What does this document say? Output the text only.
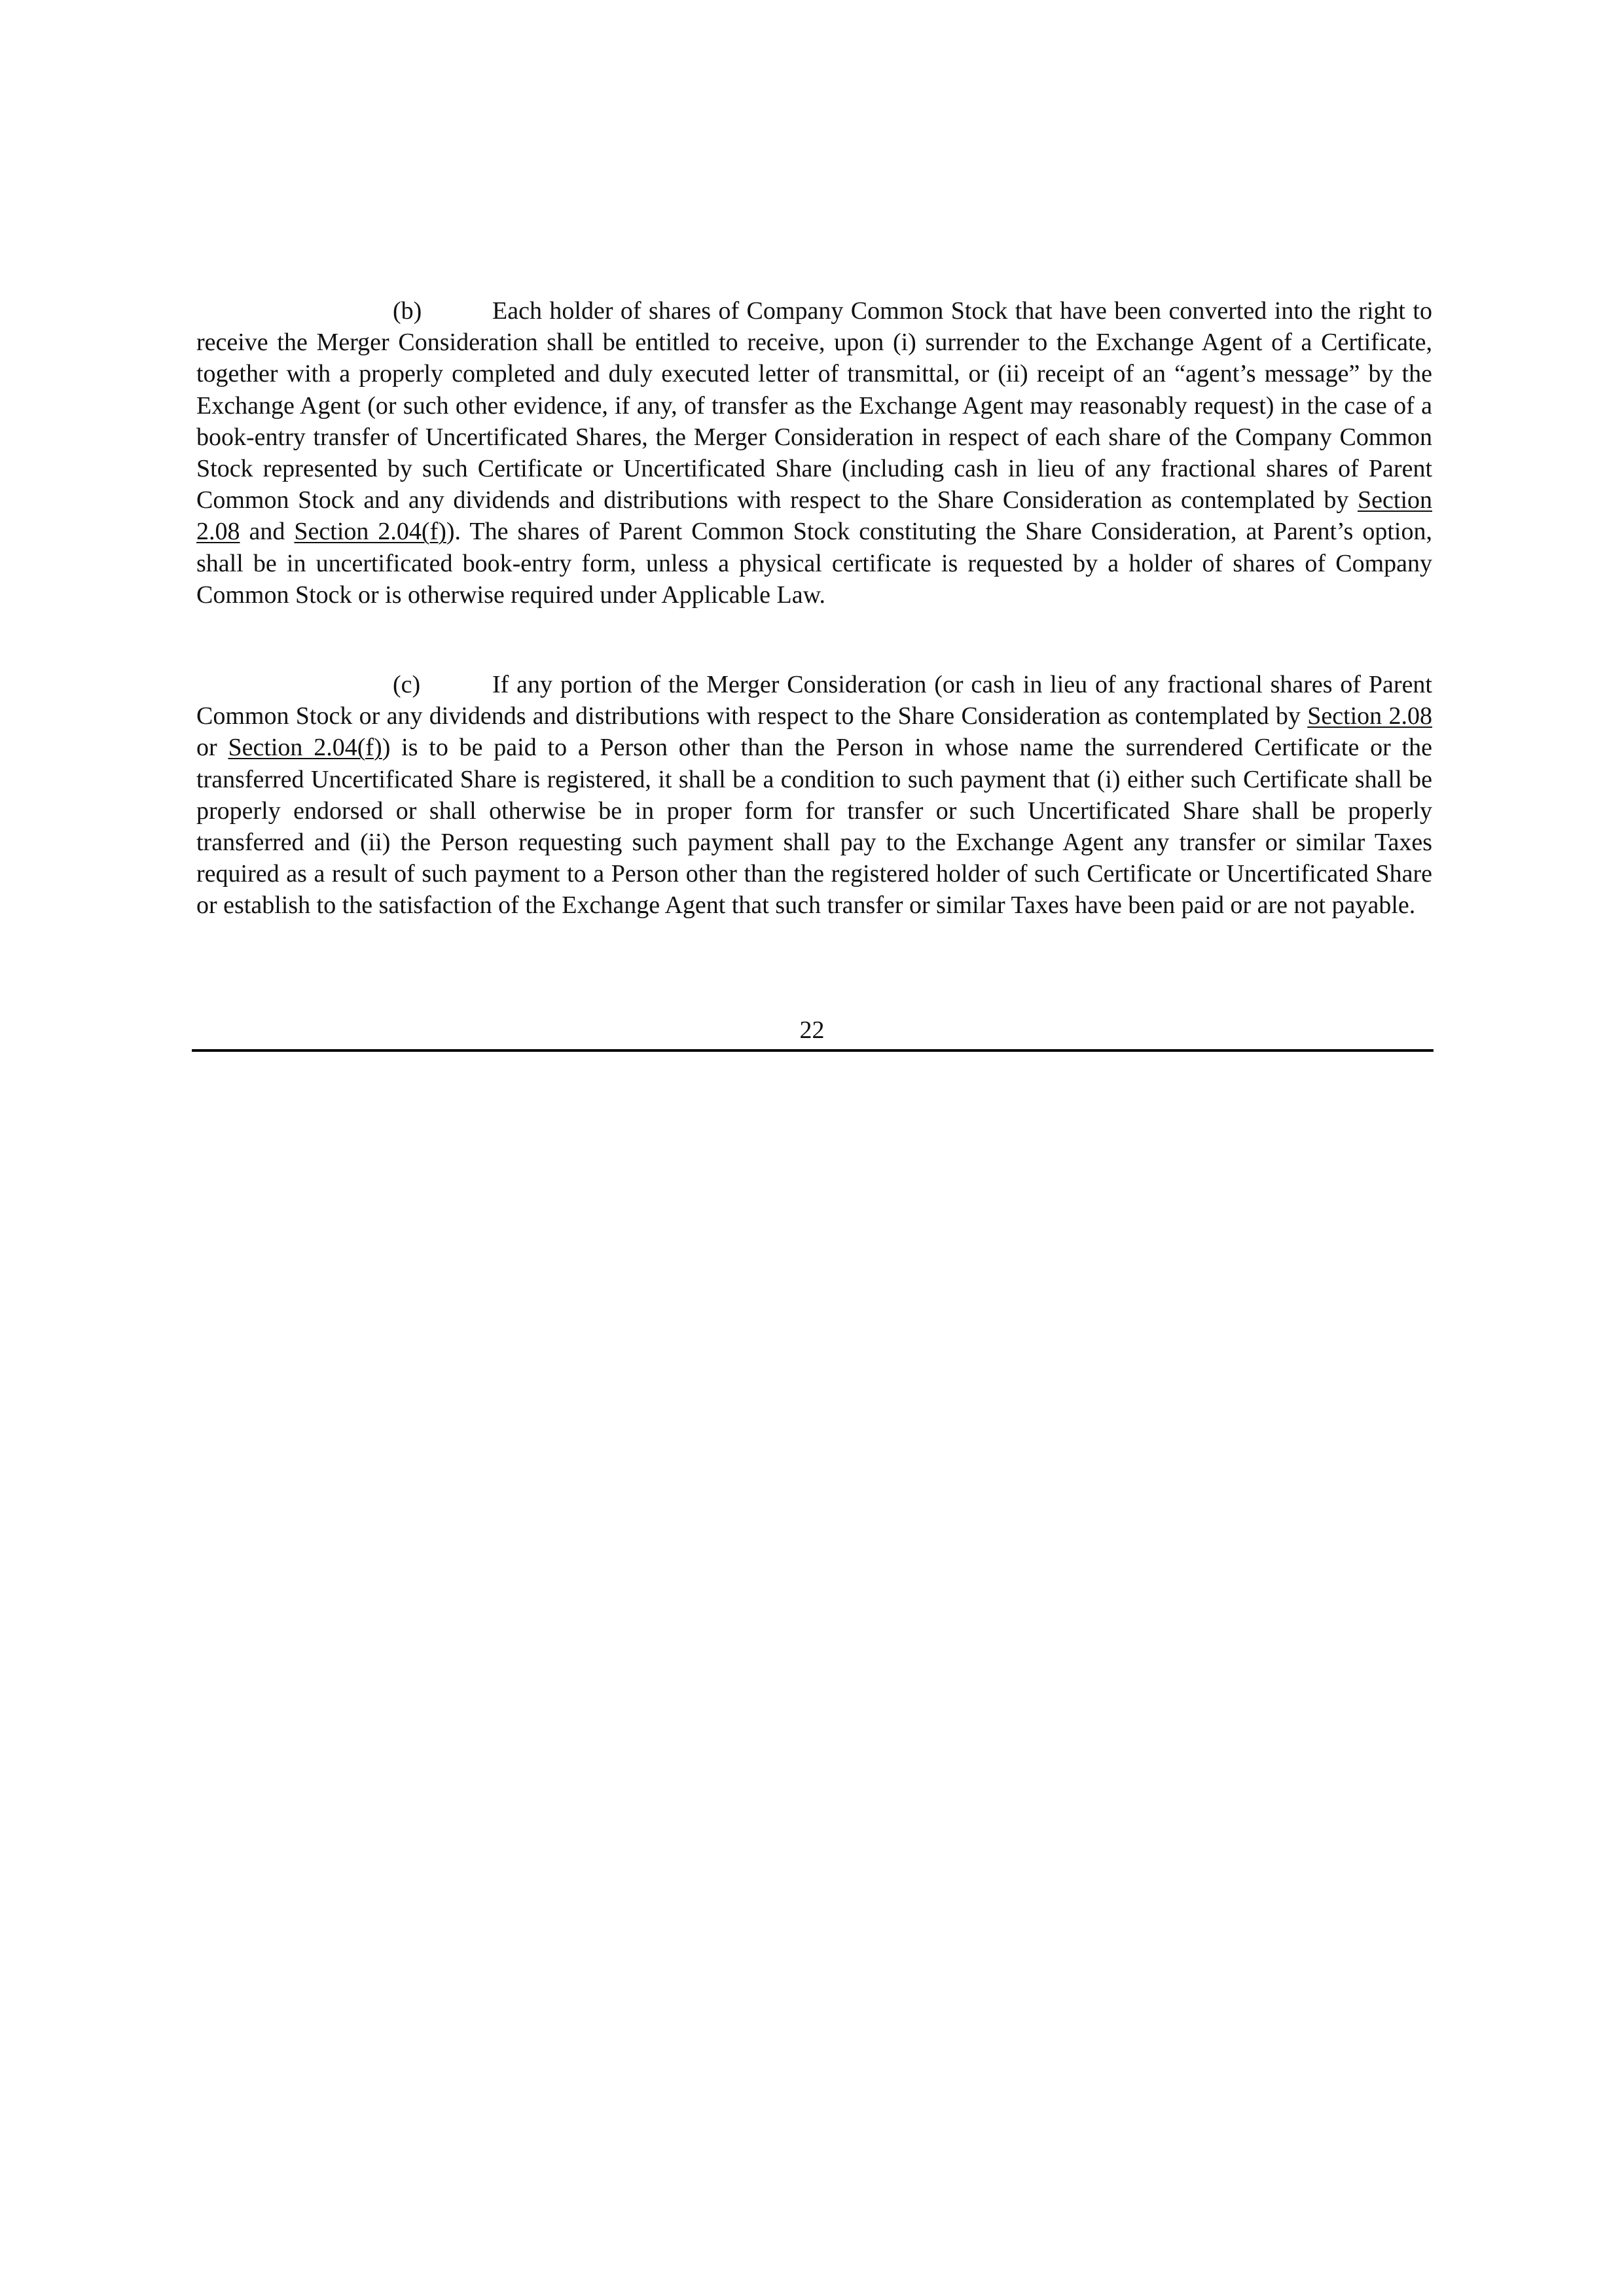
(b)	Each holder of shares of Company Common Stock that have been converted into the right to receive the Merger Consideration shall be entitled to receive, upon (i) surrender to the Exchange Agent of a Certificate, together with a properly completed and duly executed letter of transmittal, or (ii) receipt of an “agent’s message” by the Exchange Agent (or such other evidence, if any, of transfer as the Exchange Agent may reasonably request) in the case of a book-entry transfer of Uncertificated Shares, the Merger Consideration in respect of each share of the Company Common Stock represented by such Certificate or Uncertificated Share (including cash in lieu of any fractional shares of Parent Common Stock and any dividends and distributions with respect to the Share Consideration as contemplated by Section 2.08 and Section 2.04(f)). The shares of Parent Common Stock constituting the Share Consideration, at Parent’s option, shall be in uncertificated book-entry form, unless a physical certificate is requested by a holder of shares of Company Common Stock or is otherwise required under Applicable Law.
(c)	If any portion of the Merger Consideration (or cash in lieu of any fractional shares of Parent Common Stock or any dividends and distributions with respect to the Share Consideration as contemplated by Section 2.08 or Section 2.04(f)) is to be paid to a Person other than the Person in whose name the surrendered Certificate or the transferred Uncertificated Share is registered, it shall be a condition to such payment that (i) either such Certificate shall be properly endorsed or shall otherwise be in proper form for transfer or such Uncertificated Share shall be properly transferred and (ii) the Person requesting such payment shall pay to the Exchange Agent any transfer or similar Taxes required as a result of such payment to a Person other than the registered holder of such Certificate or Uncertificated Share or establish to the satisfaction of the Exchange Agent that such transfer or similar Taxes have been paid or are not payable.
22
